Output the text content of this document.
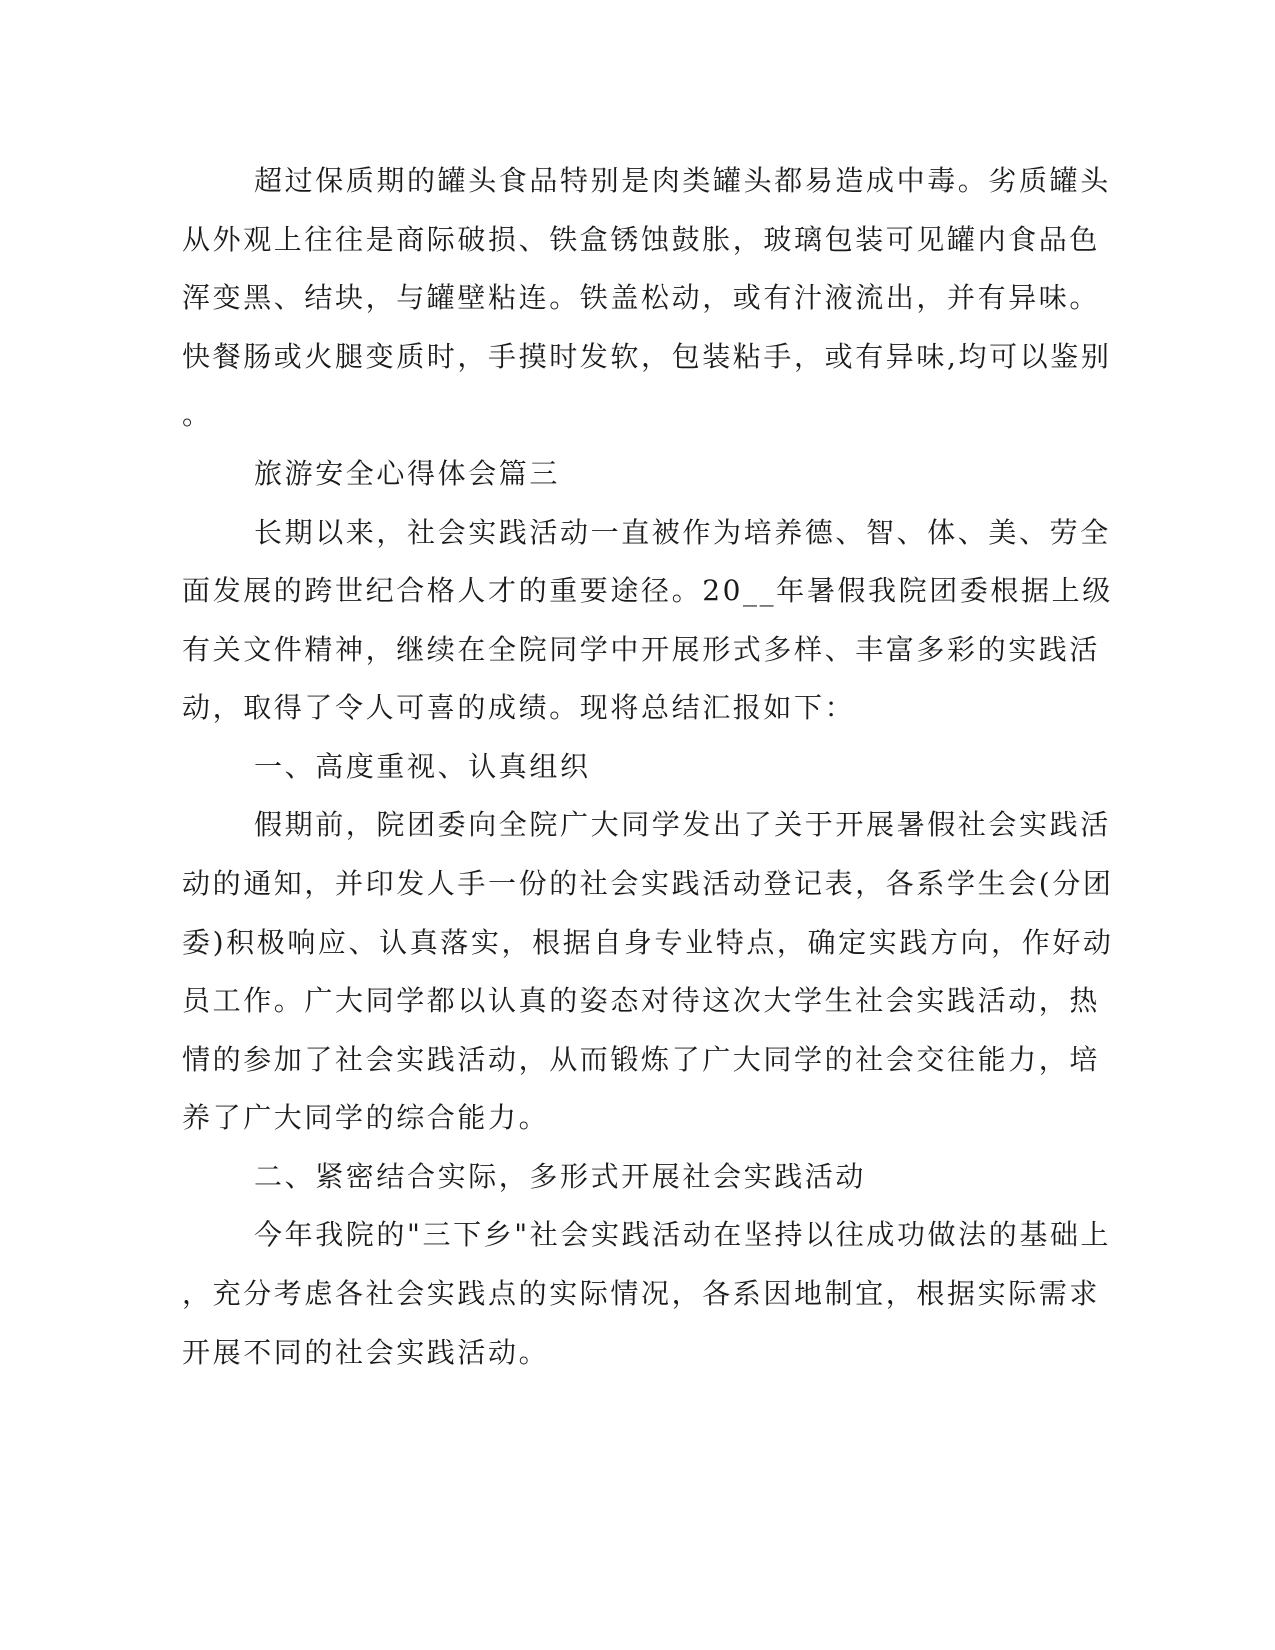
超过保质期的罐头食品特别是肉类罐头都易造成中毒。劣质罐头
从外观上往往是商际破损、铁盒锈蚀鼓胀，玻璃包装可见罐内食品色
浑变黑、结块，与罐壁粘连。铁盖松动，或有汁液流出，并有异味。
快餐肠或火腿变质时，手摸时发软，包装粘手，或有异味,均可以鉴别
。
旅游安全心得体会篇三
长期以来，社会实践活动一直被作为培养德、智、体、美、劳全
面发展的跨世纪合格人才的重要途径。20__年暑假我院团委根据上级
有关文件精神，继续在全院同学中开展形式多样、丰富多彩的实践活
动，取得了令人可喜的成绩。现将总结汇报如下：
一、高度重视、认真组织
假期前，院团委向全院广大同学发出了关于开展暑假社会实践活
动的通知，并印发人手一份的社会实践活动登记表，各系学生会(分团
委)积极响应、认真落实，根据自身专业特点，确定实践方向，作好动
员工作。广大同学都以认真的姿态对待这次大学生社会实践活动，热
情的参加了社会实践活动，从而锻炼了广大同学的社会交往能力，培
养了广大同学的综合能力。
二、紧密结合实际，多形式开展社会实践活动
今年我院的"三下乡"社会实践活动在坚持以往成功做法的基础上
，充分考虑各社会实践点的实际情况，各系因地制宜，根据实际需求
开展不同的社会实践活动。
